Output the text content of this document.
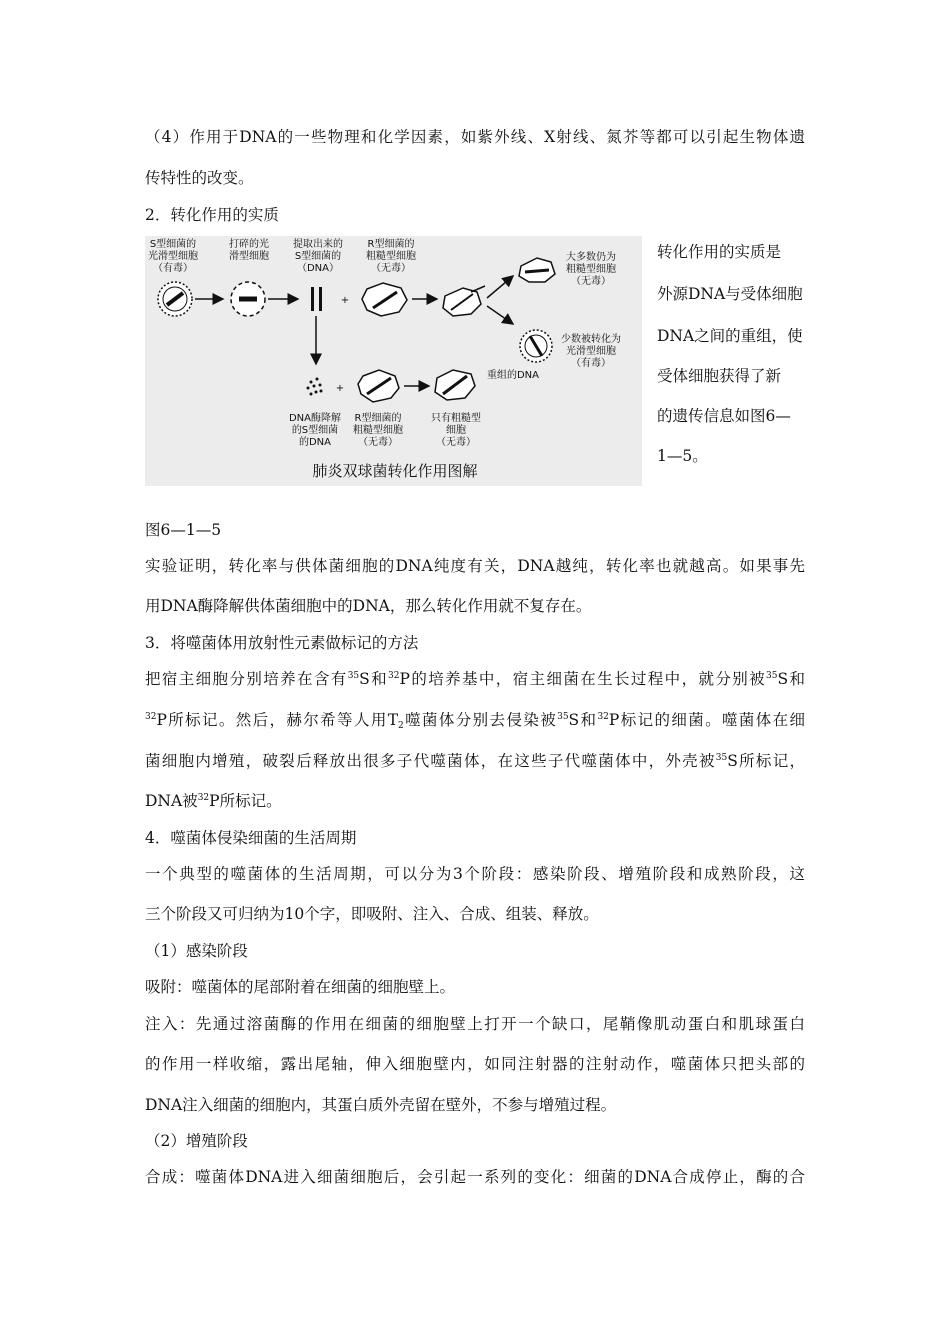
（4）作用于DNA的一些物理和化学因素，如紫外线、X射线、氮芥等都可以引起生物体遗
传特性的改变。
2．转化作用的实质
S型细菌的
光滑型细胞
（有毒）
打碎的光
滑型细胞
提取出来的
S型细菌的
（DNA）
R型细菌的
粗糙型细胞
（无毒）
+
大多数仍为
粗糙型细胞
（无毒）
少数被转化为
光滑型细胞
（有毒）
+
重组的DNA
DNA酶降解
的S型细菌
的DNA
R型细菌的
粗糙型细胞
（无毒）
只有粗糙型
细胞
（无毒）
肺炎双球菌转化作用图解
转化作用的实质是
外源DNA与受体细胞
DNA之间的重组，使
受体细胞获得了新
的遗传信息如图6—
1—5。
图6—1—5
实验证明，转化率与供体菌细胞的DNA纯度有关，DNA越纯，转化率也就越高。如果事先
用DNA酶降解供体菌细胞中的DNA，那么转化作用就不复存在。
3．将噬菌体用放射性元素做标记的方法
把宿主细胞分别培养在含有$^{35}$S和$^{32}$P的培养基中，宿主细菌在生长过程中，就分别被$^{35}$S和
$^{32}$P所标记。然后，赫尔希等人用$T_2$噬菌体分别去侵染被$^{35}$S和$^{32}$P标记的细菌。噬菌体在细
菌细胞内增殖，破裂后释放出很多子代噬菌体，在这些子代噬菌体中，外壳被$^{35}$S所标记，
DNA被$^{32}$P所标记。
4．噬菌体侵染细菌的生活周期
一个典型的噬菌体的生活周期，可以分为3个阶段：感染阶段、增殖阶段和成熟阶段，这
三个阶段又可归纳为10个字，即吸附、注入、合成、组装、释放。
（1）感染阶段
吸附：噬菌体的尾部附着在细菌的细胞壁上。
注入：先通过溶菌酶的作用在细菌的细胞壁上打开一个缺口，尾鞘像肌动蛋白和肌球蛋白
的作用一样收缩，露出尾轴，伸入细胞壁内，如同注射器的注射动作，噬菌体只把头部的
DNA注入细菌的细胞内，其蛋白质外壳留在壁外，不参与增殖过程。
（2）增殖阶段
合成：噬菌体DNA进入细菌细胞后，会引起一系列的变化：细菌的DNA合成停止，酶的合
